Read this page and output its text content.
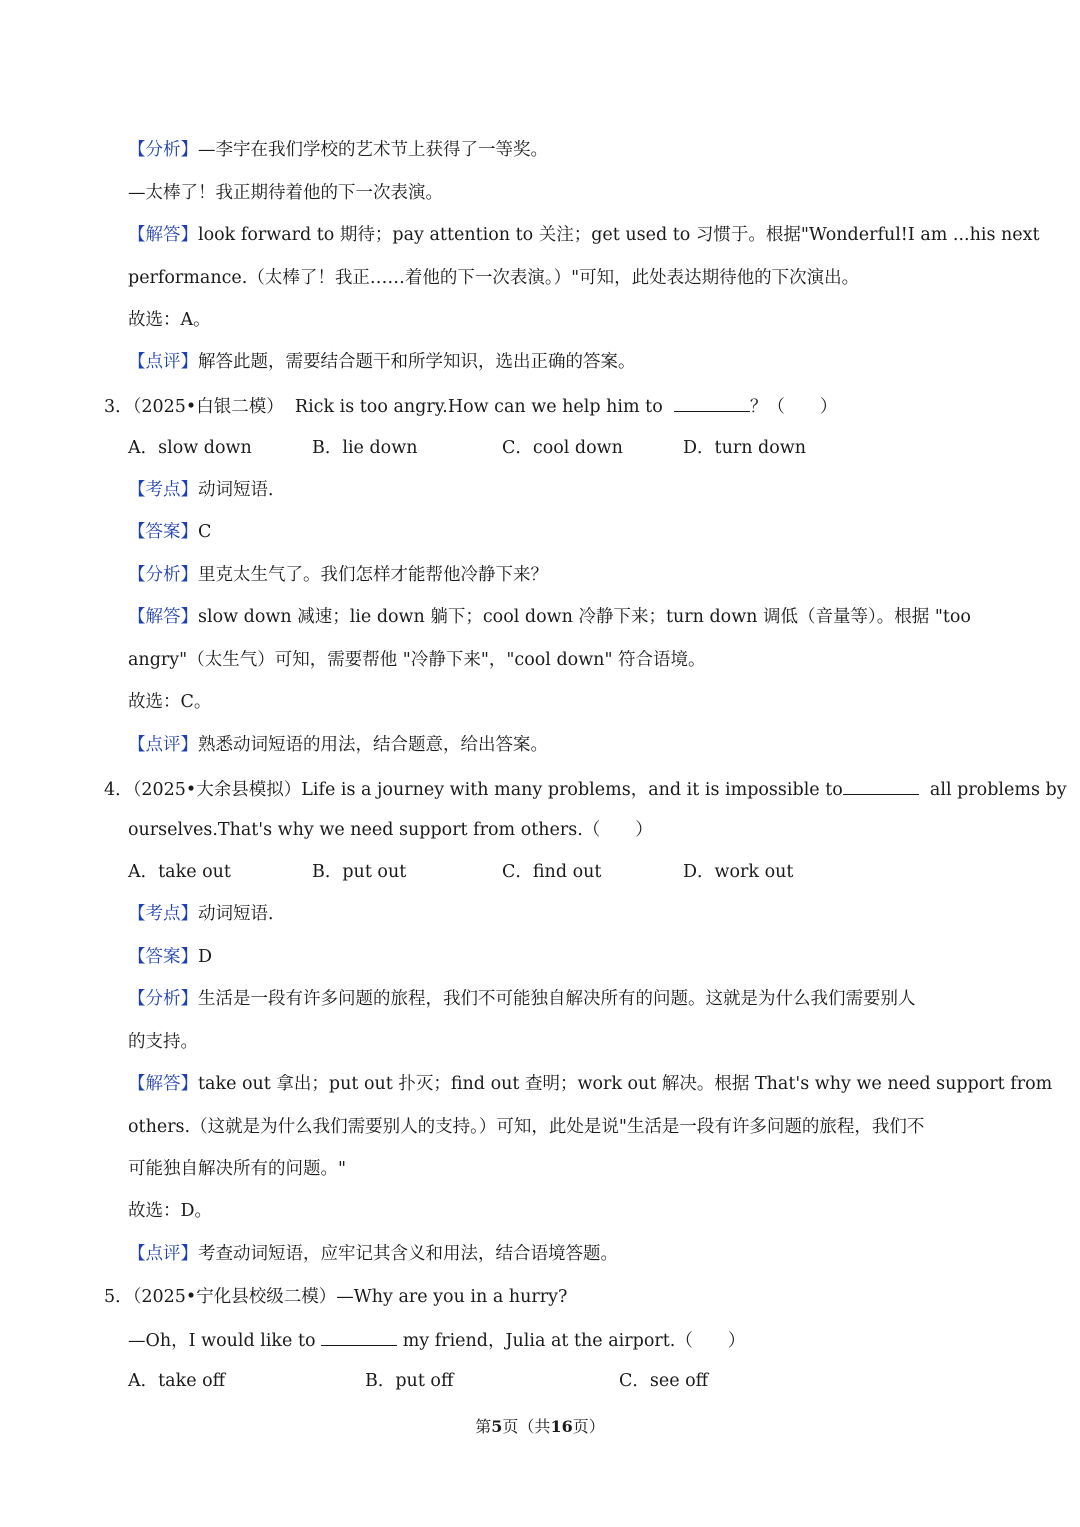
【分析】—李宇在我们学校的艺术节上获得了一等奖。
—太棒了！我正期待着他的下一次表演。
【解答】look forward to 期待；pay attention to 关注；get used to 习惯于。根据"Wonderful!I am ...his next
performance.（太棒了！我正……着他的下一次表演。）"可知，此处表达期待他的下次演出。
故选：A。
【点评】解答此题，需要结合题干和所学知识，选出正确的答案。
3．（2025•白银二模） Rick is too angry.How can we help him to	？（　　）
A．slow down	B．lie down	C．cool down	D．turn down
【考点】动词短语．
【答案】C
【分析】里克太生气了。我们怎样才能帮他冷静下来？
【解答】slow down 减速；lie down 躺下；cool down 冷静下来；turn down 调低（音量等）。根据 "too
angry"（太生气）可知，需要帮他 "冷静下来"，"cool down" 符合语境。
故选：C。
【点评】熟悉动词短语的用法，结合题意，给出答案。
4．（2025•大余县模拟）Life is a journey with many problems，and it is impossible to	all problems by
ourselves.That's why we need support from others.（　　）
A．take out	B．put out	C．find out	D．work out
【考点】动词短语．
【答案】D
【分析】生活是一段有许多问题的旅程，我们不可能独自解决所有的问题。这就是为什么我们需要别人
的支持。
【解答】take out 拿出；put out 扑灭；find out 查明；work out 解决。根据 That's why we need support from
others.（这就是为什么我们需要别人的支持。）可知，此处是说"生活是一段有许多问题的旅程，我们不
可能独自解决所有的问题。"
故选：D。
【点评】考查动词短语，应牢记其含义和用法，结合语境答题。
5．（2025•宁化县校级二模）—Why are you in a hurry?
—Oh，I would like to	my friend，Julia at the airport.（　　）
A．take off	B．put off	C．see off
第5页（共16页）
